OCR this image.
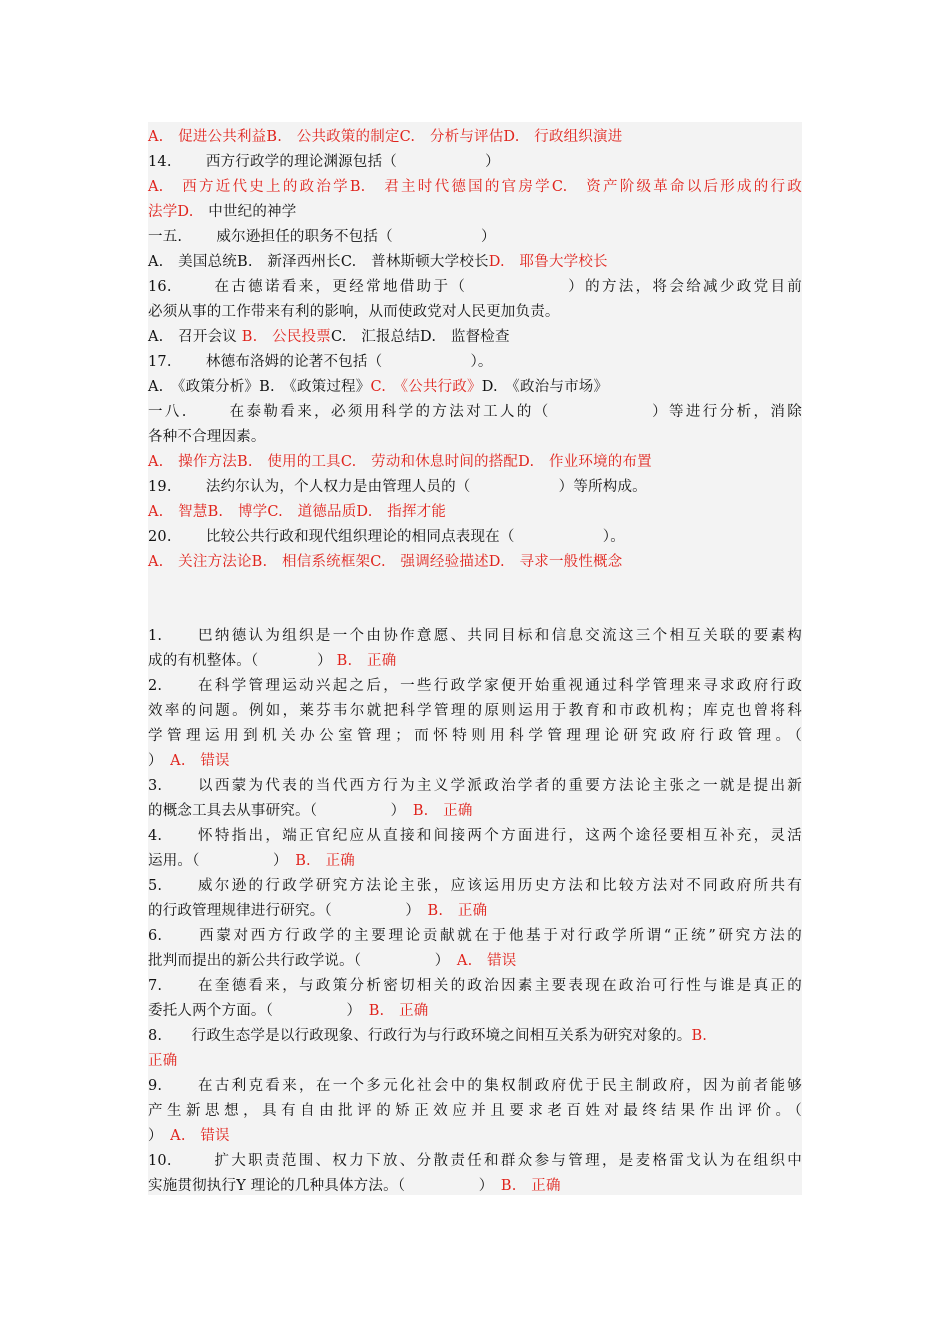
A.　促进公共利益B.　公共政策的制定C.　分析与评估D.　行政组织演进
14.　　 西方行政学的理论渊源包括（　　　　　　）
A.　西方近代史上的政治学B.　君主时代德国的官房学C.　资产阶级革命以后形成的行政
法学D.　中世纪的神学
一五.　　 威尔逊担任的职务不包括（　　　　　　）
A.　美国总统B.　新泽西州长C.　普林斯顿大学校长D.　耶鲁大学校长
16.　　 在古德诺看来，更经常地借助于（　　　　　　）的方法，将会给减少政党目前
必须从事的工作带来有利的影响，从而使政党对人民更加负责。
A.　召开会议 B.　公民投票C.　汇报总结D.　监督检查
17.　　 林德布洛姆的论著不包括（　　　　　　）。
A.　《政策分析》B.　《政策过程》C.　《公共行政》D.　《政治与市场》
一八.　　 在泰勒看来，必须用科学的方法对工人的（　　　　　　）等进行分析，消除
各种不合理因素。
A.　操作方法B.　使用的工具C.　劳动和休息时间的搭配D.　作业环境的布置
19.　　 法约尔认为，个人权力是由管理人员的（　　　　　　）等所构成。
A.　智慧B.　博学C.　道德品质D.　指挥才能
20.　　 比较公共行政和现代组织理论的相同点表现在（　　　　　　）。
A.　关注方法论B.　相信系统框架C.　强调经验描述D.　寻求一般性概念
1.　　巴纳德认为组织是一个由协作意愿、共同目标和信息交流这三个相互关联的要素构
成的有机整体。（　　　　） B.　正确
2.　　在科学管理运动兴起之后，一些行政学家便开始重视通过科学管理来寻求政府行政
效率的问题。例如，莱芬韦尔就把科学管理的原则运用于教育和市政机构；库克也曾将科
学管理运用到机关办公室管理；而怀特则用科学管理理论研究政府行政管理。（
）　A.　错误
3.　　以西蒙为代表的当代西方行为主义学派政治学者的重要方法论主张之一就是提出新
的概念工具去从事研究。（　　　　　）　B.　正确
4.　　怀特指出，端正官纪应从直接和间接两个方面进行，这两个途径要相互补充，灵活
运用。（　　　　　）　B.　正确
5.　　威尔逊的行政学研究方法论主张，应该运用历史方法和比较方法对不同政府所共有
的行政管理规律进行研究。（　　　　　）　B.　正确
6.　　西蒙对西方行政学的主要理论贡献就在于他基于对行政学所谓“正统”研究方法的
批判而提出的新公共行政学说。（　　　　　）　A.　错误
7.　　在奎德看来，与政策分析密切相关的政治因素主要表现在政治可行性与谁是真正的
委托人两个方面。（　　　　　）　B.　正确
8.　　行政生态学是以行政现象、行政行为与行政环境之间相互关系为研究对象的。B.
正确
9.　　在古利克看来，在一个多元化社会中的集权制政府优于民主制政府，因为前者能够
产生新思想，具有自由批评的矫正效应并且要求老百姓对最终结果作出评价。（
）　A.　错误
10.　　 扩大职责范围、权力下放、分散责任和群众参与管理，是麦格雷戈认为在组织中
实施贯彻执行Y 理论的几种具体方法。（　　　　　）　B.　正确
